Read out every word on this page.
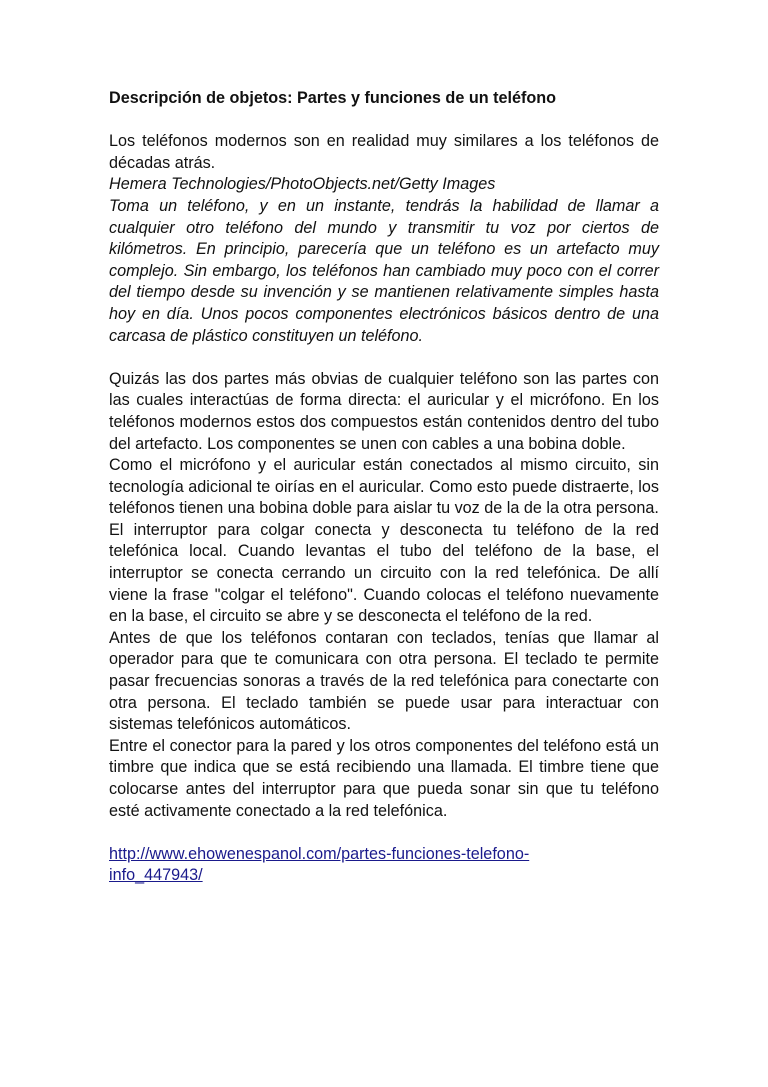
Descripción de objetos: Partes y funciones de un teléfono

Los teléfonos modernos son en realidad muy similares a los teléfonos de décadas atrás.

Hemera Technologies/PhotoObjects.net/Getty Images

Toma un teléfono, y en un instante, tendrás la habilidad de llamar a cualquier otro teléfono del mundo y transmitir tu voz por ciertos de kilómetros. En principio, parecería que un teléfono es un artefacto muy complejo. Sin embargo, los teléfonos han cambiado muy poco con el correr del tiempo desde su invención y se mantienen relativamente simples hasta hoy en día. Unos pocos componentes electrónicos básicos dentro de una carcasa de plástico constituyen un teléfono.

Quizás las dos partes más obvias de cualquier teléfono son las partes con las cuales interactúas de forma directa: el auricular y el micrófono. En los teléfonos modernos estos dos compuestos están contenidos dentro del tubo del artefacto. Los componentes se unen con cables a una bobina doble.

Como el micrófono y el auricular están conectados al mismo circuito, sin tecnología adicional te oirías en el auricular. Como esto puede distraerte, los teléfonos tienen una bobina doble para aislar tu voz de la de la otra persona.

El interruptor para colgar conecta y desconecta tu teléfono de la red telefónica local. Cuando levantas el tubo del teléfono de la base, el interruptor se conecta cerrando un circuito con la red telefónica. De allí viene la frase "colgar el teléfono". Cuando colocas el teléfono nuevamente en la base, el circuito se abre y se desconecta el teléfono de la red.

Antes de que los teléfonos contaran con teclados, tenías que llamar al operador para que te comunicara con otra persona. El teclado te permite pasar frecuencias sonoras a través de la red telefónica para conectarte con otra persona. El teclado también se puede usar para interactuar con sistemas telefónicos automáticos.

Entre el conector para la pared y los otros componentes del teléfono está un timbre que indica que se está recibiendo una llamada. El timbre tiene que colocarse antes del interruptor para que pueda sonar sin que tu teléfono esté activamente conectado a la red telefónica.

http://www.ehowenespanol.com/partes-funciones-telefono-
info_447943/
